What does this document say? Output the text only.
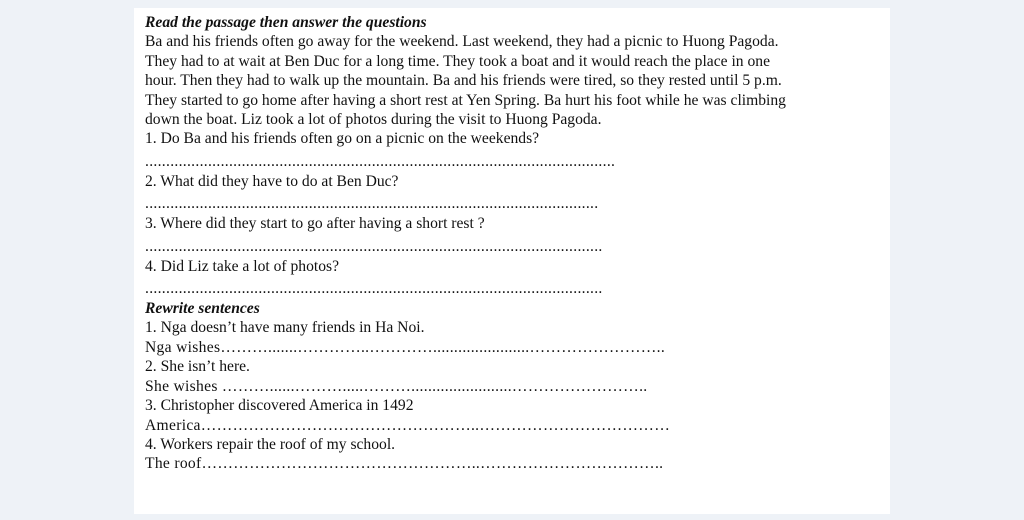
Read the passage then answer the questions
Ba and his friends often go away for the weekend. Last weekend, they had a picnic to Huong Pagoda.
They had to at wait at Ben Duc for a long time. They took a boat and it would reach the place in one
hour. Then they had to walk up the mountain. Ba and his friends were tired, so they rested until 5 p.m.
They started to go home after having a short rest at Yen Spring. Ba hurt his foot while he was climbing
down the boat. Liz took a lot of photos during the visit to Huong Pagoda.
1. Do Ba and his friends often go on a picnic on the weekends?
................................................................................................................
2. What did they have to do at Ben Duc?
............................................................................................................
3. Where did they start to go after having a short rest ?
.............................................................................................................
4. Did Liz take a lot of photos?
.............................................................................................................
Rewrite sentences
1. Nga doesn’t have many friends in Ha Noi.
Nga wishes……….......…………..………….......................……………………..
2. She isn’t here.
She wishes ………......……….....………........................……………………..
3. Christopher discovered America in 1492
America……………………………………………..………………………………
4. Workers repair the roof of my school.
The roof……………………………………………..……………………………..
